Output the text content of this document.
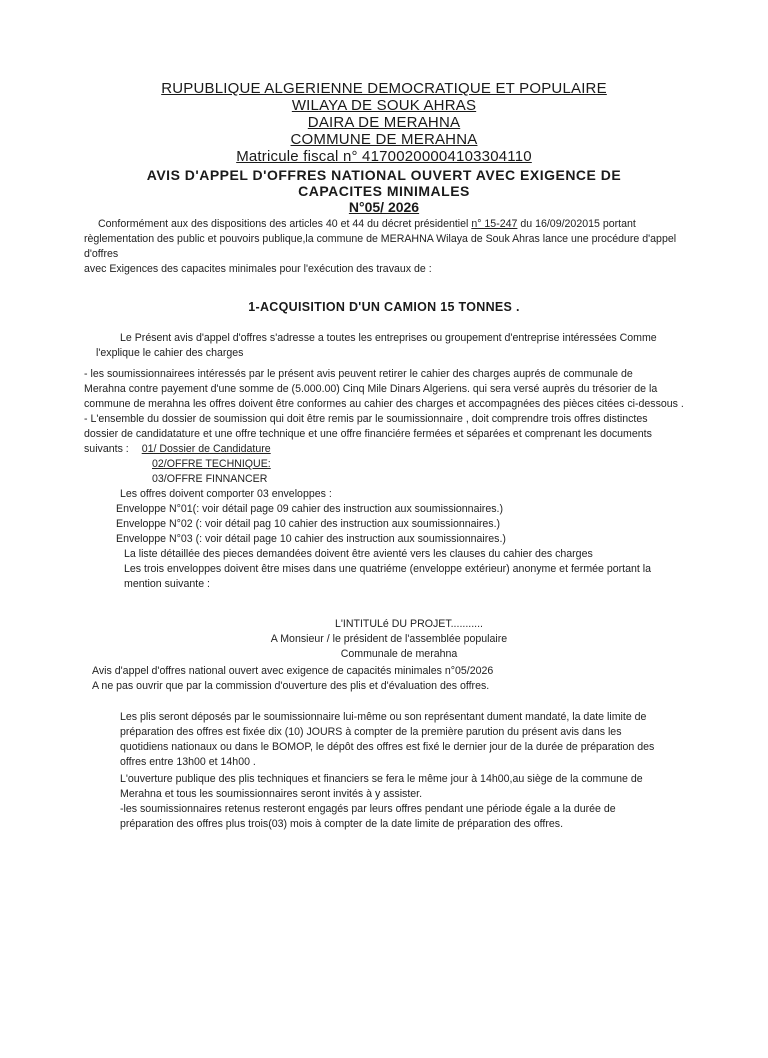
RUPUBLIQUE ALGERIENNE DEMOCRATIQUE ET POPULAIRE
WILAYA DE SOUK AHRAS
DAIRA DE MERAHNA
COMMUNE DE MERAHNA
Matricule fiscal n° 41700200004103304110
AVIS D'APPEL D'OFFRES NATIONAL OUVERT AVEC EXIGENCE DE
CAPACITES MINIMALES
N°05/ 2026
Conformément aux des dispositions des articles 40 et 44 du décret présidentiel n° 15-247 du 16/09/202015 portant
règlementation des public et pouvoirs publique,la commune de MERAHNA Wilaya de Souk Ahras lance une procédure d'appel d'offres
avec Exigences des capacites minimales pour l'exécution des travaux de :
1-ACQUISITION D'UN CAMION 15 TONNES .
Le Présent avis d'appel d'offres s'adresse a toutes les entreprises ou groupement d'entreprise intéressées Comme
l'explique le cahier des charges
- les soumissionnairees intéressés par le présent avis peuvent retirer le cahier des charges auprés de communale de
Merahna contre payement d'une somme de (5.000.00) Cinq Mile Dinars Algeriens. qui sera versé auprès du trésorier de la
commune de merahna les offres doivent être conformes au cahier des charges et accompagnées des pièces citées ci-dessous .
- L'ensemble du dossier de soumission qui doit être remis par le soumissionnaire , doit comprendre trois offres distinctes
dossier de candidatature et une offre technique et une offre financiére fermées et séparées et comprenant les documents
suivants : 01/ Dossier de Candidature
02/OFFRE TECHNIQUE:
03/OFFRE FINNANCER
Les offres doivent comporter 03 enveloppes :
Enveloppe N°01(: voir détail page 09 cahier des instruction aux soumissionnaires.)
Enveloppe N°02 (: voir détail pag 10 cahier des instruction aux soumissionnaires.)
Enveloppe N°03 (: voir détail page 10 cahier des instruction aux soumissionnaires.)
La liste détaillée des pieces demandées doivent être avienté vers les clauses du cahier des charges
Les trois enveloppes doivent être mises dans une quatriéme (enveloppe extérieur) anonyme et fermée portant la
mention suivante :
L'INTITULé DU PROJET...........
A Monsieur / le président de l'assemblée populaire
Communale de merahna
Avis d'appel d'offres national ouvert avec exigence de capacités minimales n°05/2026
A ne pas ouvrir que par la commission d'ouverture des plis et d'évaluation des offres.
Les plis seront déposés par le soumissionnaire lui-même ou son représentant dument mandaté, la date limite de
préparation des offres est fixée dix (10) JOURS à compter de la première parution du présent avis dans les
quotidiens nationaux ou dans le BOMOP, le dépôt des offres est fixé le dernier jour de la durée de préparation des
offres entre 13h00 et 14h00 .
L'ouverture publique des plis techniques et financiers se fera le même jour à 14h00,au siège de la commune de
Merahna et tous les soumissionnaires seront invités à y assister.
-les soumissionnaires retenus resteront engagés par leurs offres pendant une période égale a la durée de
préparation des offres plus trois(03) mois à compter de la date limite de préparation des offres.
